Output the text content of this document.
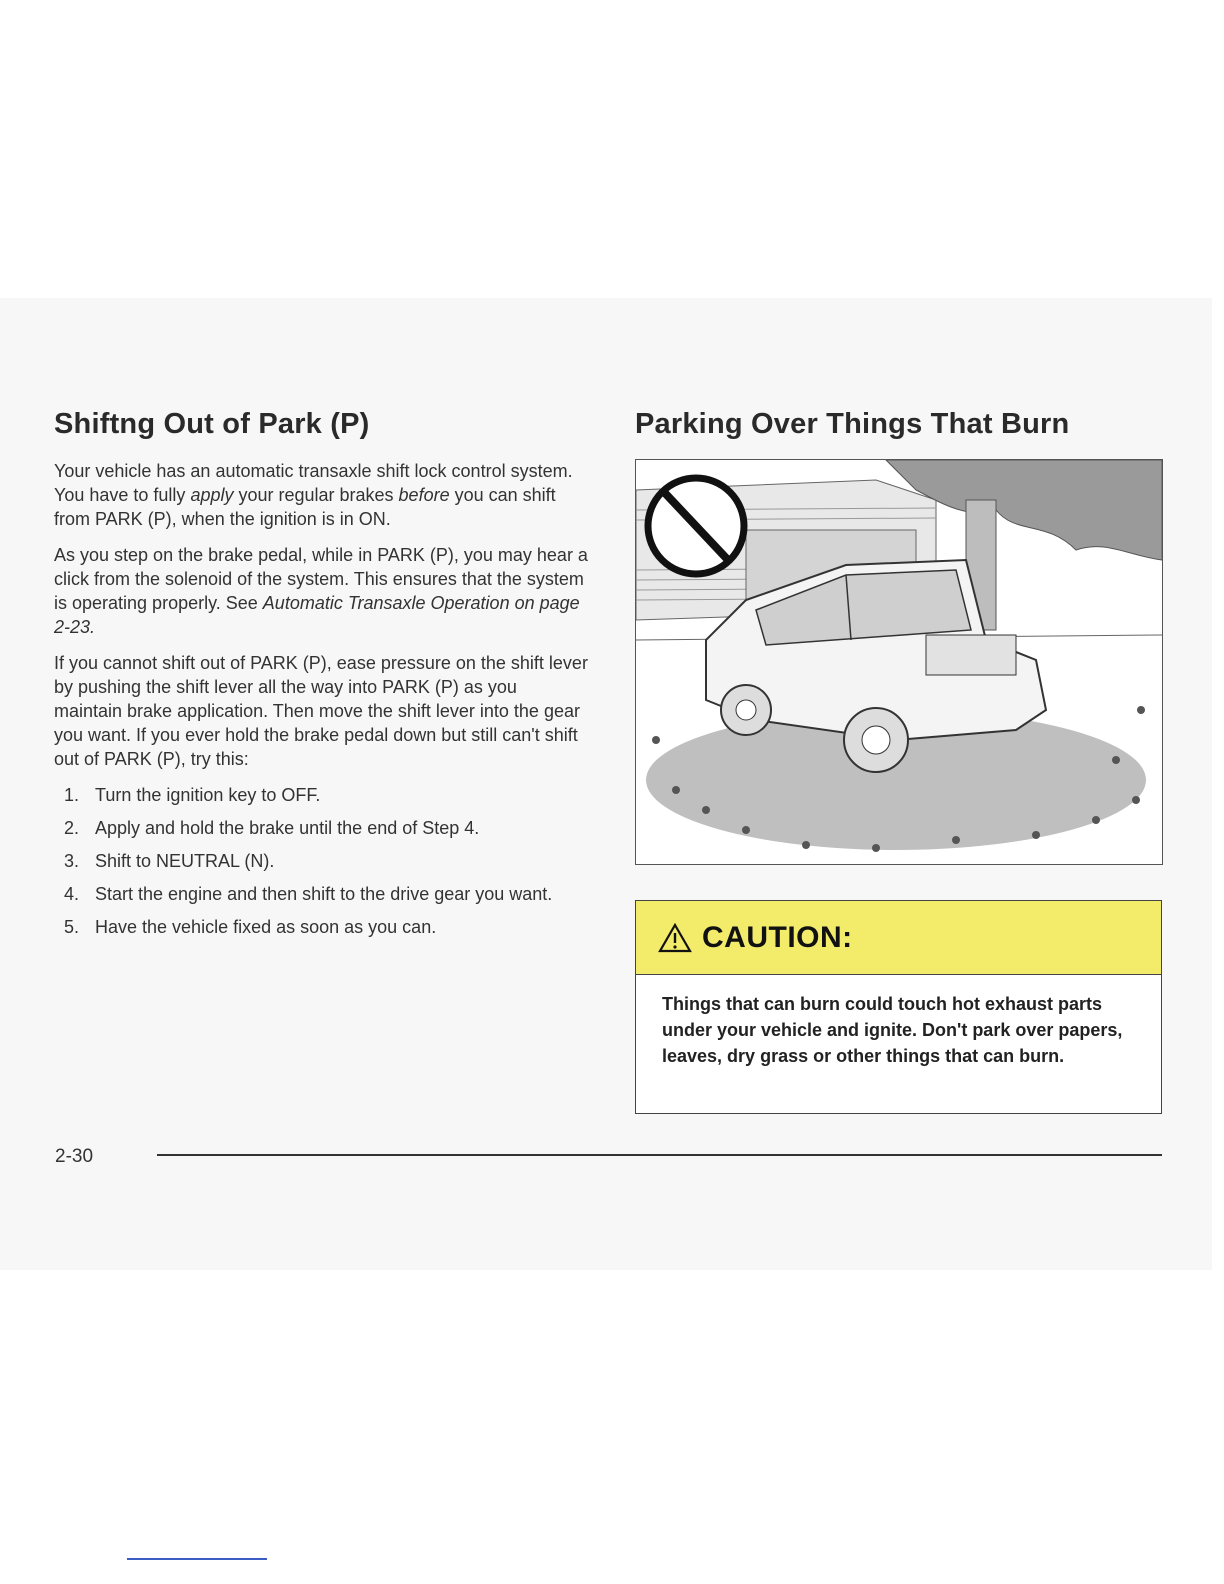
Shiftng Out of Park (P)

Your vehicle has an automatic transaxle shift lock control system. You have to fully apply your regular brakes before you can shift from PARK (P), when the ignition is in ON.

As you step on the brake pedal, while in PARK (P), you may hear a click from the solenoid of the system. This ensures that the system is operating properly. See Automatic Transaxle Operation on page 2-23.

If you cannot shift out of PARK (P), ease pressure on the shift lever by pushing the shift lever all the way into PARK (P) as you maintain brake application. Then move the shift lever into the gear you want. If you ever hold the brake pedal down but still can't shift out of PARK (P), try this:

1. Turn the ignition key to OFF.
2. Apply and hold the brake until the end of Step 4.
3. Shift to NEUTRAL (N).
4. Start the engine and then shift to the drive gear you want.
5. Have the vehicle fixed as soon as you can.
Parking Over Things That Burn
CAUTION:
Things that can burn could touch hot exhaust parts under your vehicle and ignite. Don't park over papers, leaves, dry grass or other things that can burn.
2-30
